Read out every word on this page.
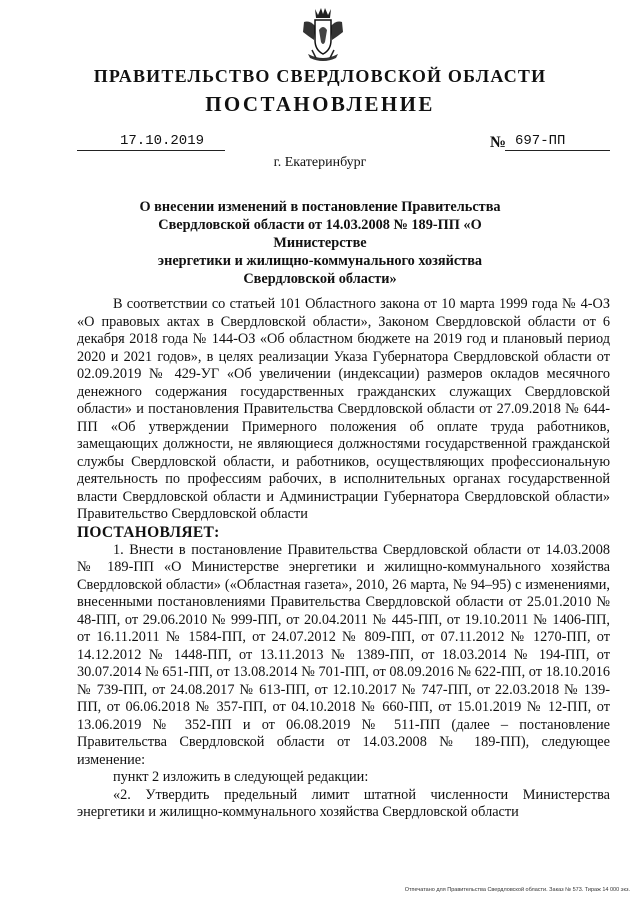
ПРАВИТЕЛЬСТВО СВЕРДЛОВСКОЙ ОБЛАСТИ
ПОСТАНОВЛЕНИЕ
17.10.2019	№ 697-ПП
г. Екатеринбург
О внесении изменений в постановление Правительства
Свердловской области от 14.03.2008 № 189-ПП «О Министерстве
энергетики и жилищно-коммунального хозяйства
Свердловской области»

В соответствии со статьей 101 Областного закона от 10 марта 1999 года № 4-ОЗ «О правовых актах в Свердловской области», Законом Свердловской области от 6 декабря 2018 года № 144-ОЗ «Об областном бюджете на 2019 год и плановый период 2020 и 2021 годов», в целях реализации Указа Губернатора Свердловской области от 02.09.2019 № 429-УГ «Об увеличении (индексации) размеров окладов месячного денежного содержания государственных гражданских служащих Свердловской области» и постановления Правительства Свердловской области от 27.09.2018 № 644-ПП «Об утверждении Примерного положения об оплате труда работников, замещающих должности, не являющиеся должностями государственной гражданской службы Свердловской области, и работников, осуществляющих профессиональную деятельность по профессиям рабочих, в исполнительных органах государственной власти Свердловской области и Администрации Губернатора Свердловской области» Правительство Свердловской области

ПОСТАНОВЛЯЕТ:

1. Внести в постановление Правительства Свердловской области от 14.03.2008 № 189-ПП «О Министерстве энергетики и жилищно-коммунального хозяйства Свердловской области» («Областная газета», 2010, 26 марта, № 94–95) с изменениями, внесенными постановлениями Правительства Свердловской области от 25.01.2010 № 48-ПП, от 29.06.2010 № 999-ПП, от 20.04.2011 № 445-ПП, от 19.10.2011 № 1406-ПП, от 16.11.2011 № 1584-ПП, от 24.07.2012 № 809-ПП, от 07.11.2012 № 1270-ПП, от 14.12.2012 № 1448-ПП, от 13.11.2013 № 1389-ПП, от 18.03.2014 № 194-ПП, от 30.07.2014 № 651-ПП, от 13.08.2014 № 701-ПП, от 08.09.2016 № 622-ПП, от 18.10.2016 № 739-ПП, от 24.08.2017 № 613-ПП, от 12.10.2017 № 747-ПП, от 22.03.2018 № 139-ПП, от 06.06.2018 № 357-ПП, от 04.10.2018 № 660-ПП, от 15.01.2019 № 12-ПП, от 13.06.2019 № 352-ПП и от 06.08.2019 № 511-ПП (далее – постановление Правительства Свердловской области от 14.03.2008 № 189-ПП), следующее изменение:

пункт 2 изложить в следующей редакции:

«2. Утвердить предельный лимит штатной численности Министерства энергетики и жилищно-коммунального хозяйства Свердловской области

Отпечатано для Правительства Свердловской области. Заказ № 573. Тираж 14 000 экз.
